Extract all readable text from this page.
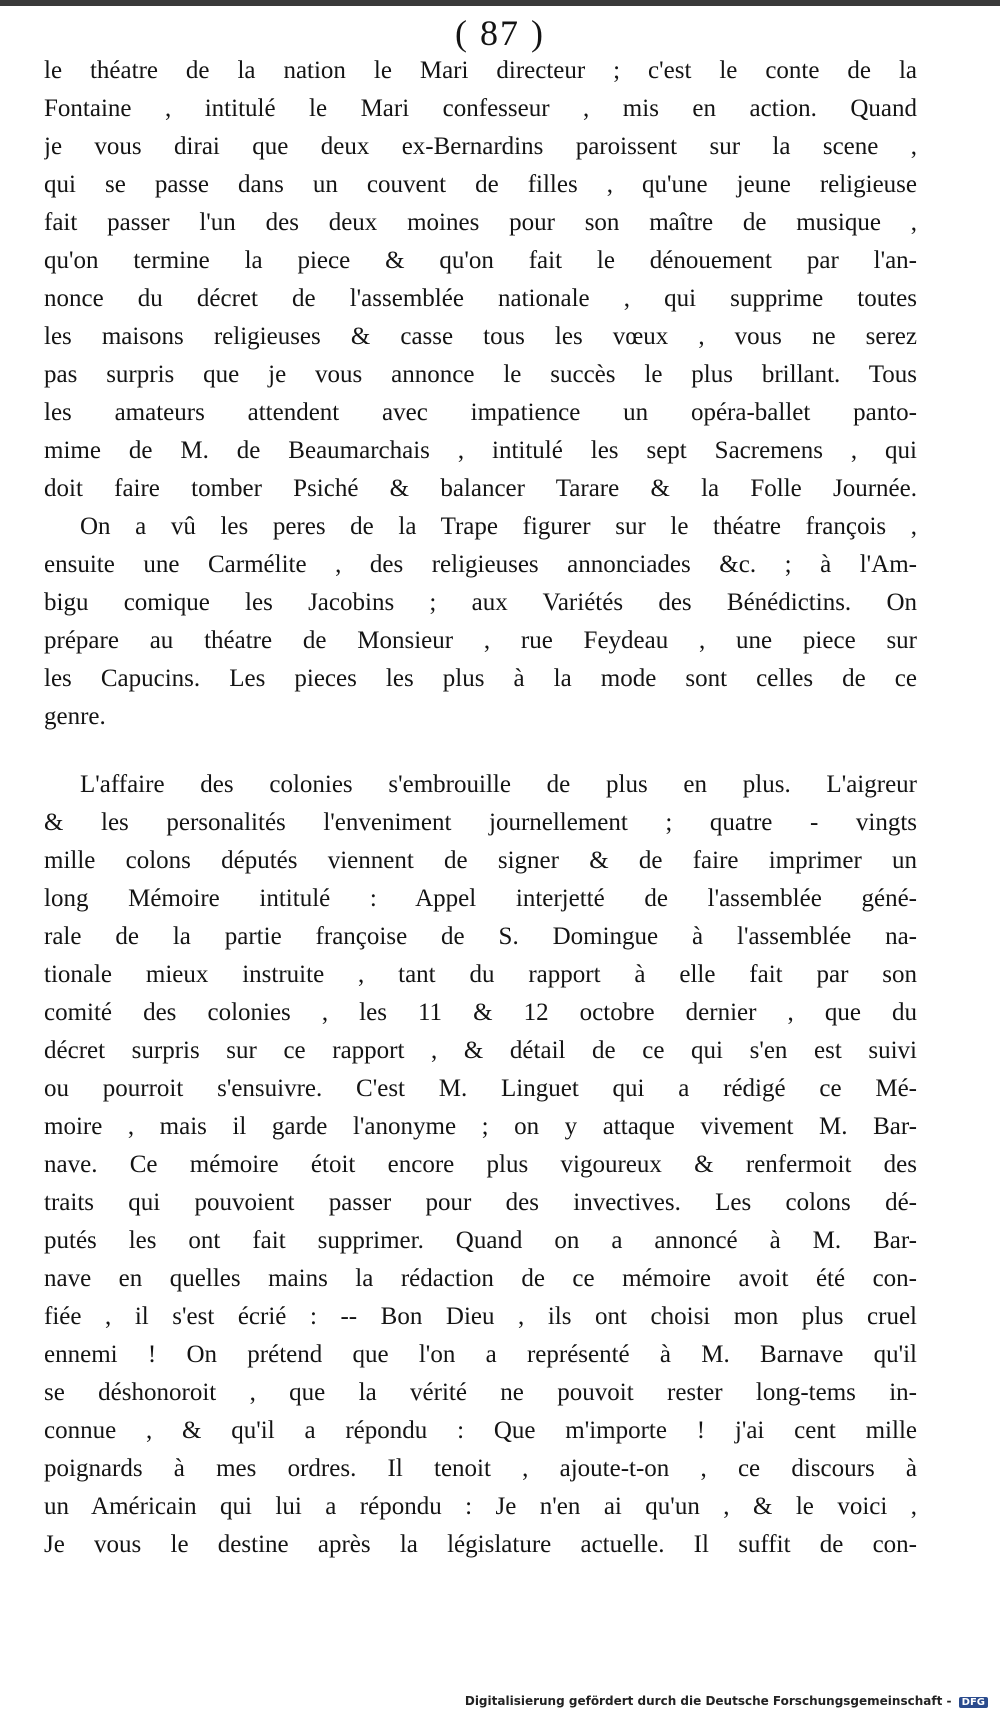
( 87 )
le théatre de la nation le Mari directeur ; c'est le conte de la
Fontaine , intitulé le Mari confesseur , mis en action. Quand
je vous dirai que deux ex-Bernardins paroissent sur la scene ,
qui se passe dans un couvent de filles , qu'une jeune religieuse
fait passer l'un des deux moines pour son maître de musique ,
qu'on termine la piece & qu'on fait le dénouement par l'an-
nonce du décret de l'assemblée nationale , qui supprime toutes
les maisons religieuses & casse tous les vœux , vous ne serez
pas surpris que je vous annonce le succès le plus brillant. Tous
les amateurs attendent avec impatience un opéra-ballet panto-
mime de M. de Beaumarchais , intitulé les sept Sacremens , qui
doit faire tomber Psiché & balancer Tarare & la Folle Journée.
On a vû les peres de la Trape figurer sur le théatre françois ,
ensuite une Carmélite , des religieuses annonciades &c. ; à l'Am-
bigu comique les Jacobins ; aux Variétés des Bénédictins. On
prépare au théatre de Monsieur , rue Feydeau , une piece sur
les Capucins. Les pieces les plus à la mode sont celles de ce
genre.
L'affaire des colonies s'embrouille de plus en plus. L'aigreur
& les personalités l'enveniment journellement ; quatre - vingts
mille colons députés viennent de signer & de faire imprimer un
long Mémoire intitulé : Appel interjetté de l'assemblée géné-
rale de la partie françoise de S. Domingue à l'assemblée na-
tionale mieux instruite , tant du rapport à elle fait par son
comité des colonies , les 11 & 12 octobre dernier , que du
décret surpris sur ce rapport , & détail de ce qui s'en est suivi
ou pourroit s'ensuivre. C'est M. Linguet qui a rédigé ce Mé-
moire , mais il garde l'anonyme ; on y attaque vivement M. Bar-
nave. Ce mémoire étoit encore plus vigoureux & renfermoit des
traits qui pouvoient passer pour des invectives. Les colons dé-
putés les ont fait supprimer. Quand on a annoncé à M. Bar-
nave en quelles mains la rédaction de ce mémoire avoit été con-
fiée , il s'est écrié : -- Bon Dieu , ils ont choisi mon plus cruel
ennemi ! On prétend que l'on a représenté à M. Barnave qu'il
se déshonoroit , que la vérité ne pouvoit rester long-tems in-
connue , & qu'il a répondu : Que m'importe ! j'ai cent mille
poignards à mes ordres. Il tenoit , ajoute-t-on , ce discours à
un Américain qui lui a répondu : Je n'en ai qu'un , & le voici ,
Je vous le destine après la législature actuelle. Il suffit de con-
Digitalisierung gefördert durch die Deutsche Forschungsgemeinschaft - DFG
